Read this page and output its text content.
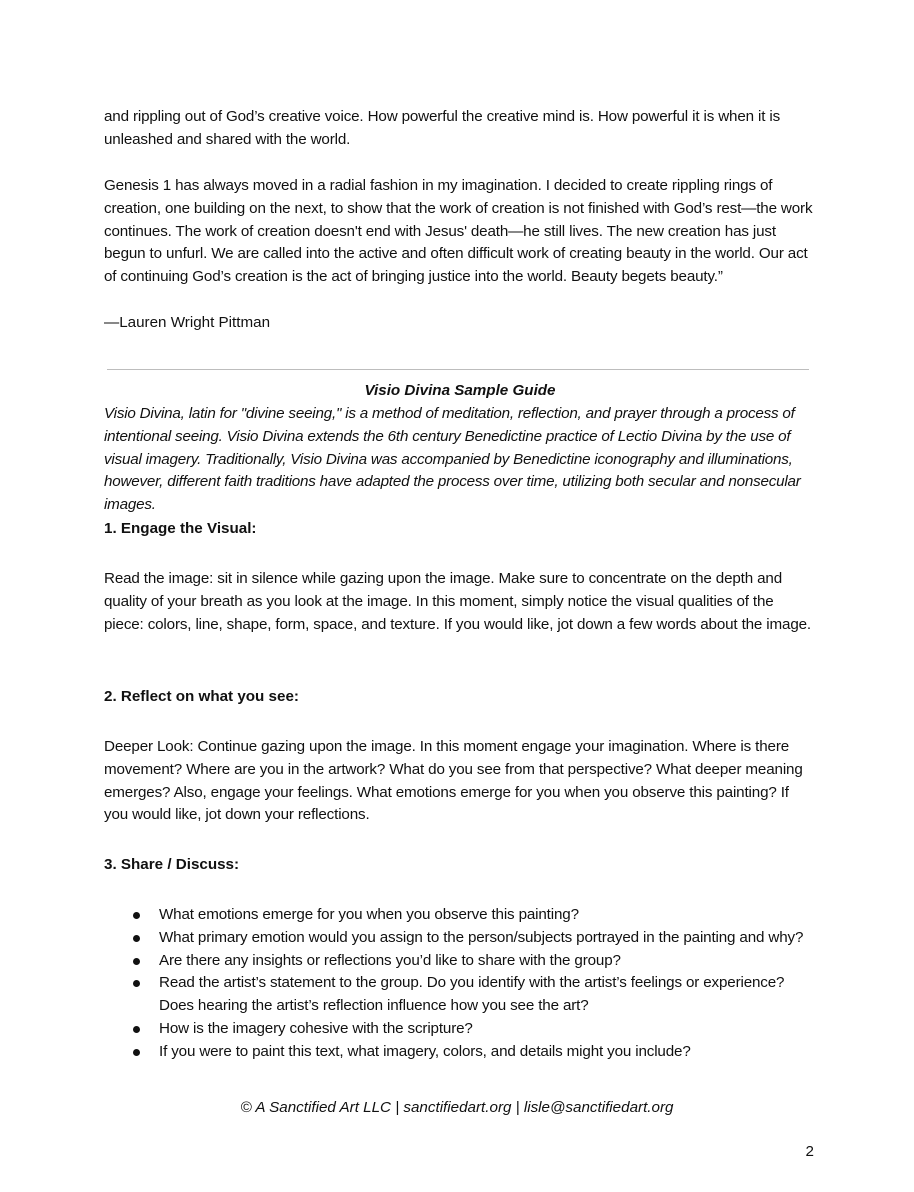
and rippling out of God’s creative voice. How powerful the creative mind is. How powerful it is when it is unleashed and shared with the world.
Genesis 1 has always moved in a radial fashion in my imagination. I decided to create rippling rings of creation, one building on the next, to show that the work of creation is not finished with God’s rest—the work continues. The work of creation doesn't end with Jesus' death—he still lives. The new creation has just begun to unfurl. We are called into the active and often difficult work of creating beauty in the world. Our act of continuing God’s creation is the act of bringing justice into the world. Beauty begets beauty.”
—Lauren Wright Pittman
Visio Divina Sample Guide
Visio Divina, latin for "divine seeing," is a method of meditation, reflection, and prayer through a process of intentional seeing. Visio Divina extends the 6th century Benedictine practice of Lectio Divina by the use of visual imagery. Traditionally, Visio Divina was accompanied by Benedictine iconography and illuminations, however, different faith traditions have adapted the process over time, utilizing both secular and nonsecular images.
1. Engage the Visual:
Read the image: sit in silence while gazing upon the image. Make sure to concentrate on the depth and quality of your breath as you look at the image. In this moment, simply notice the visual qualities of the piece: colors, line, shape, form, space, and texture. If you would like, jot down a few words about the image.
2. Reflect on what you see:
Deeper Look: Continue gazing upon the image. In this moment engage your imagination. Where is there movement? Where are you in the artwork? What do you see from that perspective? What deeper meaning emerges? Also, engage your feelings. What emotions emerge for you when you observe this painting? If you would like, jot down your reflections.
3. Share / Discuss:
What emotions emerge for you when you observe this painting?
What primary emotion would you assign to the person/subjects portrayed in the painting and why?
Are there any insights or reflections you’d like to share with the group?
Read the artist’s statement to the group. Do you identify with the artist’s feelings or experience? Does hearing the artist’s reflection influence how you see the art?
How is the imagery cohesive with the scripture?
If you were to paint this text, what imagery, colors, and details might you include?
© A Sanctified Art LLC | sanctifiedart.org | lisle@sanctifiedart.org
2
